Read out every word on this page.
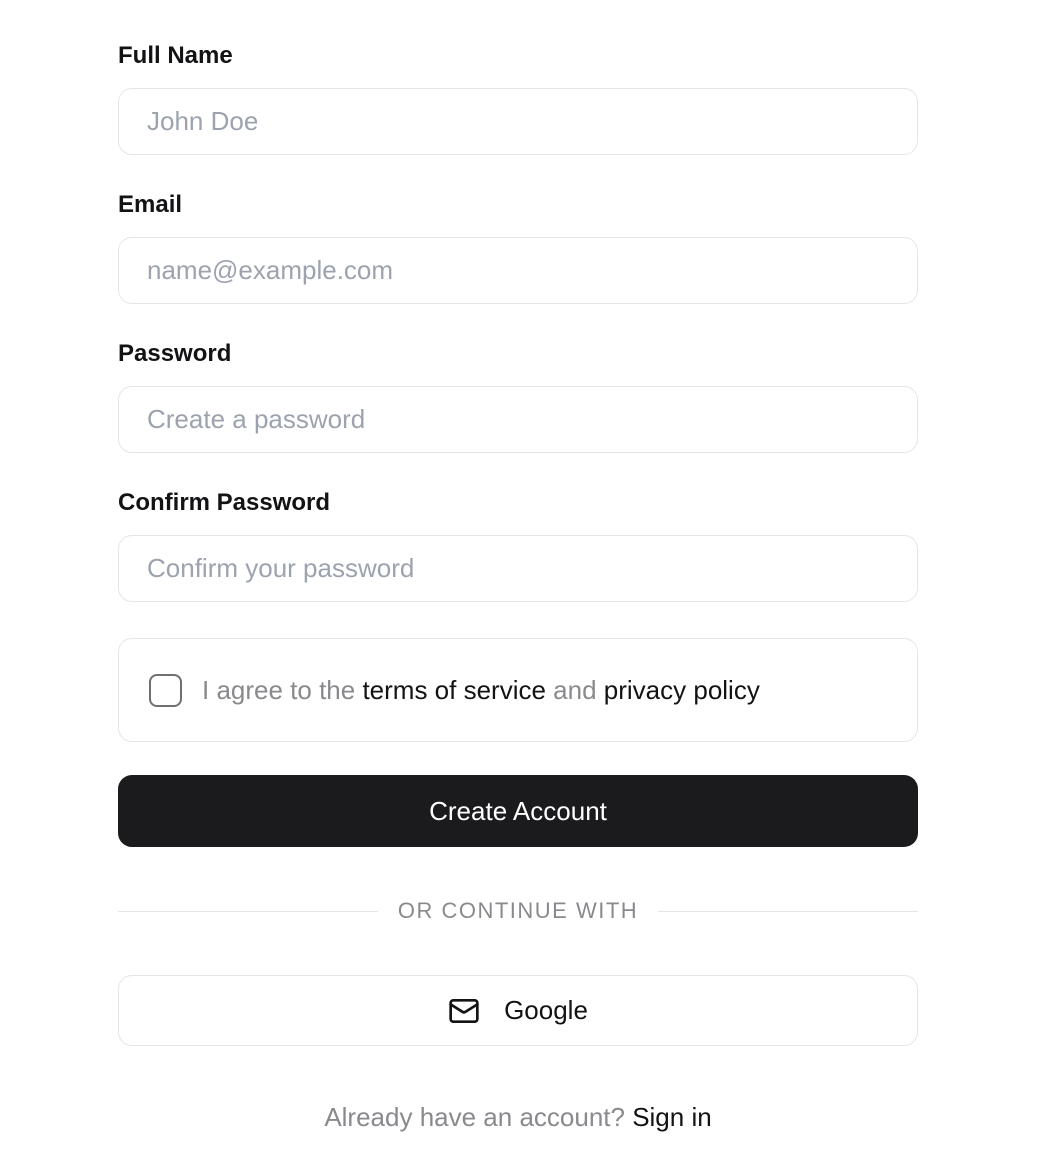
Full Name
John Doe
Email
name@example.com
Password
Confirm Password
I agree to the terms of service and privacy policy
Create Account
OR CONTINUE WITH
Google
Already have an account? Sign in
